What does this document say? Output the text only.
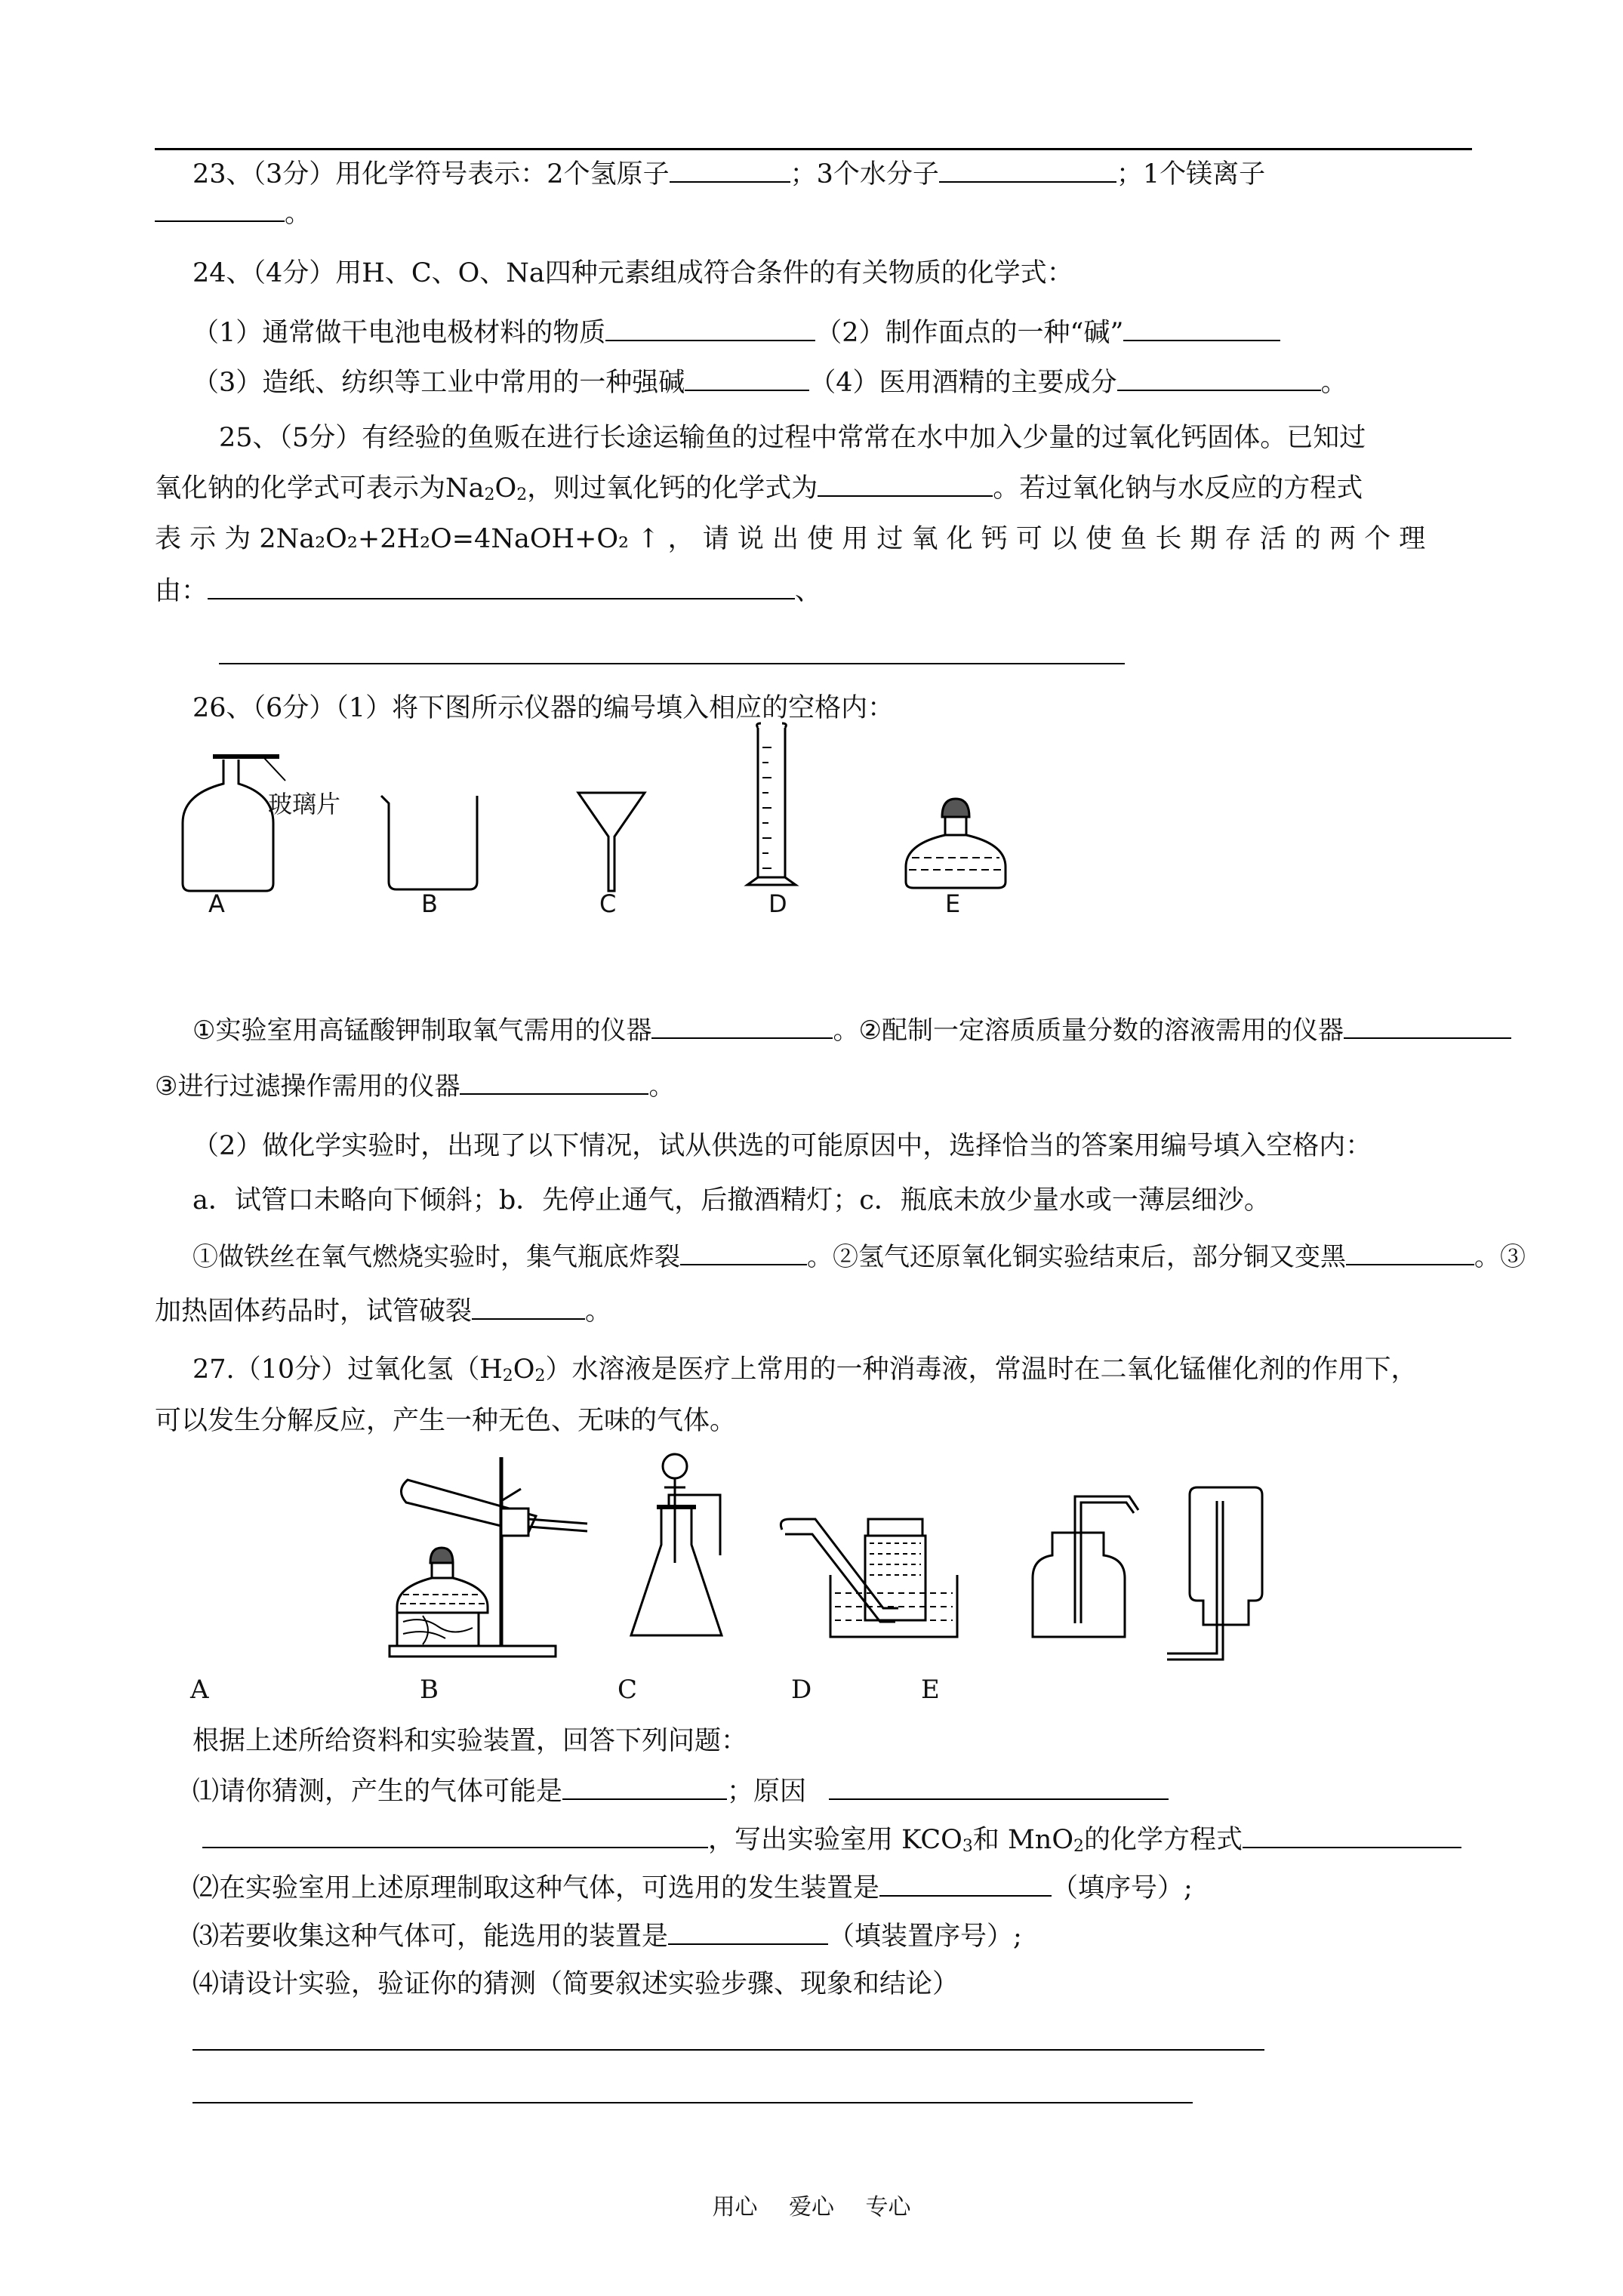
23、（3分）用化学符号表示：2个氢原子	；3个水分子	；1个镁离子
。
24、（4分）用H、C、O、Na四种元素组成符合条件的有关物质的化学式：
（1）通常做干电池电极材料的物质	（2）制作面点的一种“碱”
（3）造纸、纺织等工业中常用的一种强碱	（4）医用酒精的主要成分	。
25、（5分）有经验的鱼贩在进行长途运输鱼的过程中常常在水中加入少量的过氧化钙固体。已知过
氧化钠的化学式可表示为$Na_2O_2$，则过氧化钙的化学式为	。若过氧化钠与水反应的方程式
表 示 为 2Na₂O₂+2H₂O=4NaOH+O₂ ↑ ， 请 说 出 使 用 过 氧 化 钙 可 以 使 鱼 长 期 存 活 的 两 个 理
由：	、
26、（6分）（1）将下图所示仪器的编号填入相应的空格内：
玻璃片
A	B	C	D	E
①实验室用高锰酸钾制取氧气需用的仪器	。②配制一定溶质质量分数的溶液需用的仪器
③进行过滤操作需用的仪器	。
（2）做化学实验时，出现了以下情况，试从供选的可能原因中，选择恰当的答案用编号填入空格内：
a．试管口未略向下倾斜；b．先停止通气，后撤酒精灯；c．瓶底未放少量水或一薄层细沙。
①做铁丝在氧气燃烧实验时，集气瓶底炸裂	。②氢气还原氧化铜实验结束后，部分铜又变黑	。③
加热固体药品时，试管破裂	。
27.（10分）过氧化氢$(H_2O_2)$水溶液是医疗上常用的一种消毒液，常温时在二氧化锰催化剂的作用下，
可以发生分解反应，产生一种无色、无味的气体。
A	B	C	D	E
根据上述所给资料和实验装置，回答下列问题：
⑴请你猜测，产生的气体可能是	；原因
，写出实验室用 $KCO_3$和 MnO$_2$的化学方程式
⑵在实验室用上述原理制取这种气体，可选用的发生装置是	（填序号）;
⑶若要收集这种气体可，能选用的装置是	（填装置序号）;
⑷请设计实验，验证你的猜测（简要叙述实验步骤、现象和结论）
用心 爱心 专心
